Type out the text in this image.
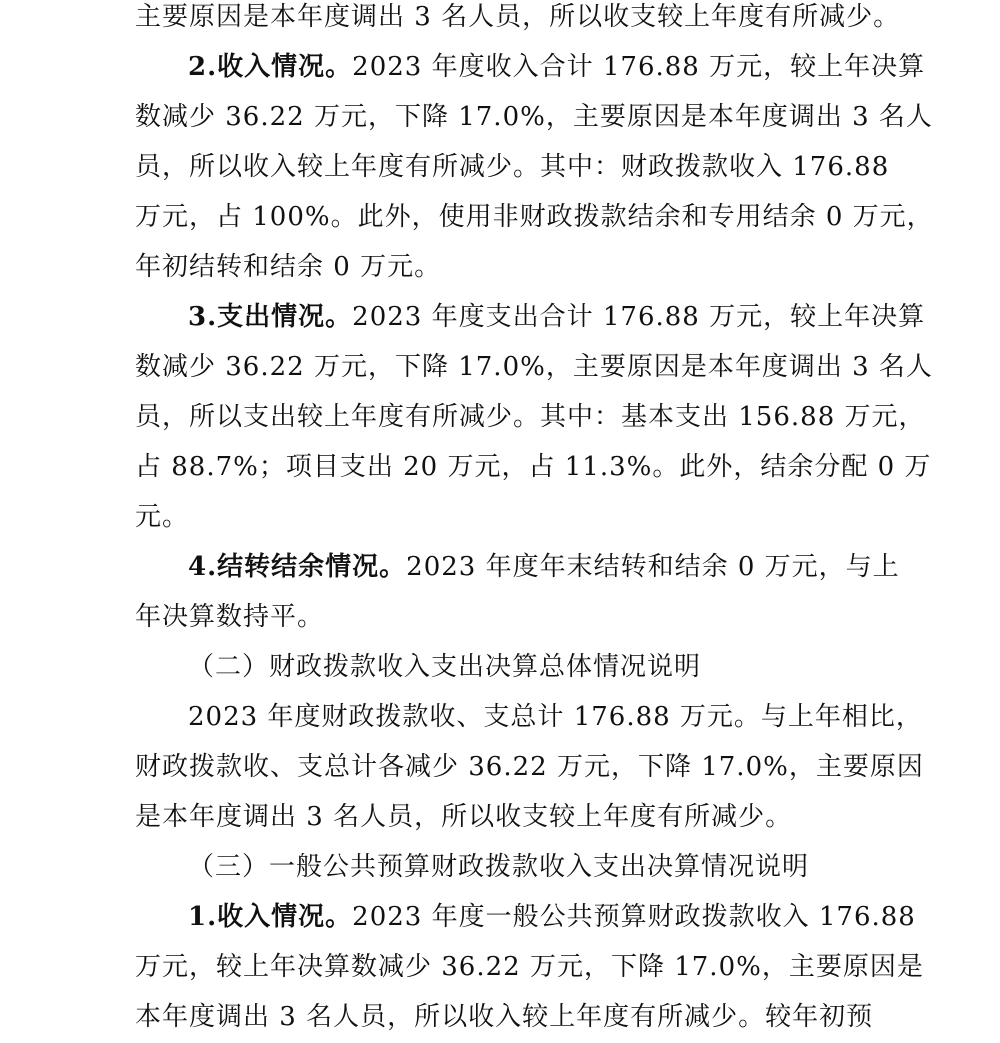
主要原因是本年度调出 3 名人员，所以收支较上年度有所减少。
2.收入情况。2023 年度收入合计 176.88 万元，较上年决算
数减少 36.22 万元，下降 17.0%，主要原因是本年度调出 3 名人
员，所以收入较上年度有所减少。其中：财政拨款收入 176.88
万元，占 100%。此外，使用非财政拨款结余和专用结余 0 万元，
年初结转和结余 0 万元。
3.支出情况。2023 年度支出合计 176.88 万元，较上年决算
数减少 36.22 万元，下降 17.0%，主要原因是本年度调出 3 名人
员，所以支出较上年度有所减少。其中：基本支出 156.88 万元，
占 88.7%；项目支出 20 万元，占 11.3%。此外，结余分配 0 万
元。
4.结转结余情况。2023 年度年末结转和结余 0 万元，与上
年决算数持平。
（二）财政拨款收入支出决算总体情况说明
2023 年度财政拨款收、支总计 176.88 万元。与上年相比，
财政拨款收、支总计各减少 36.22 万元，下降 17.0%，主要原因
是本年度调出 3 名人员，所以收支较上年度有所减少。
（三）一般公共预算财政拨款收入支出决算情况说明
1.收入情况。2023 年度一般公共预算财政拨款收入 176.88
万元，较上年决算数减少 36.22 万元，下降 17.0%，主要原因是
本年度调出 3 名人员，所以收入较上年度有所减少。较年初预
